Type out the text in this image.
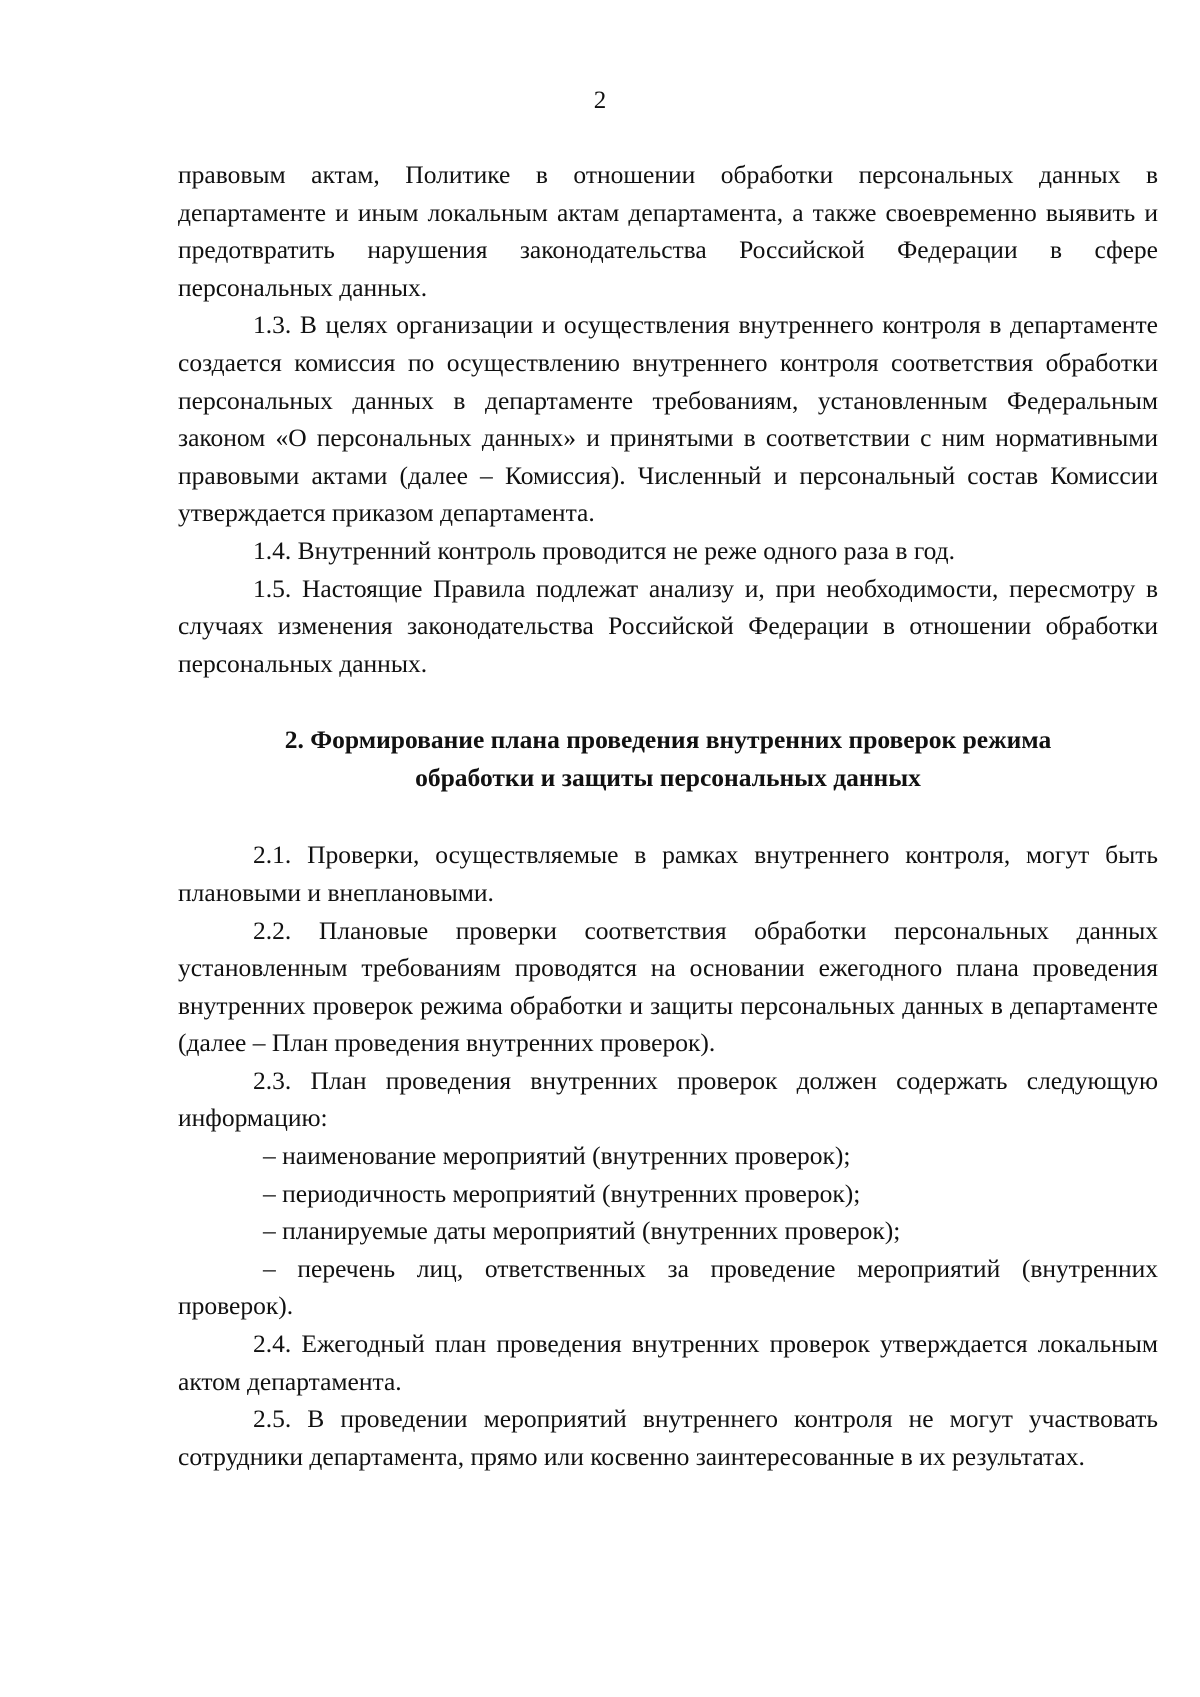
2

правовым актам, Политике в отношении обработки персональных данных в департаменте и иным локальным актам департамента, а также своевременно выявить и предотвратить нарушения законодательства Российской Федерации в сфере персональных данных.

1.3. В целях организации и осуществления внутреннего контроля в департаменте создается комиссия по осуществлению внутреннего контроля соответствия обработки персональных данных в департаменте требованиям, установленным Федеральным законом «О персональных данных» и принятыми в соответствии с ним нормативными правовыми актами (далее – Комиссия). Численный и персональный состав Комиссии утверждается приказом департамента.

1.4. Внутренний контроль проводится не реже одного раза в год.

1.5. Настоящие Правила подлежат анализу и, при необходимости, пересмотру в случаях изменения законодательства Российской Федерации в отношении обработки персональных данных.

2. Формирование плана проведения внутренних проверок режима
обработки и защиты персональных данных

2.1. Проверки, осуществляемые в рамках внутреннего контроля, могут быть плановыми и внеплановыми.

2.2. Плановые проверки соответствия обработки персональных данных установленным требованиям проводятся на основании ежегодного плана проведения внутренних проверок режима обработки и защиты персональных данных в департаменте (далее – План проведения внутренних проверок).

2.3. План проведения внутренних проверок должен содержать следующую информацию:

– наименование мероприятий (внутренних проверок);

– периодичность мероприятий (внутренних проверок);

– планируемые даты мероприятий (внутренних проверок);

– перечень лиц, ответственных за проведение мероприятий (внутренних проверок).

2.4. Ежегодный план проведения внутренних проверок утверждается локальным актом департамента.

2.5. В проведении мероприятий внутреннего контроля не могут участвовать сотрудники департамента, прямо или косвенно заинтересованные в их результатах.
